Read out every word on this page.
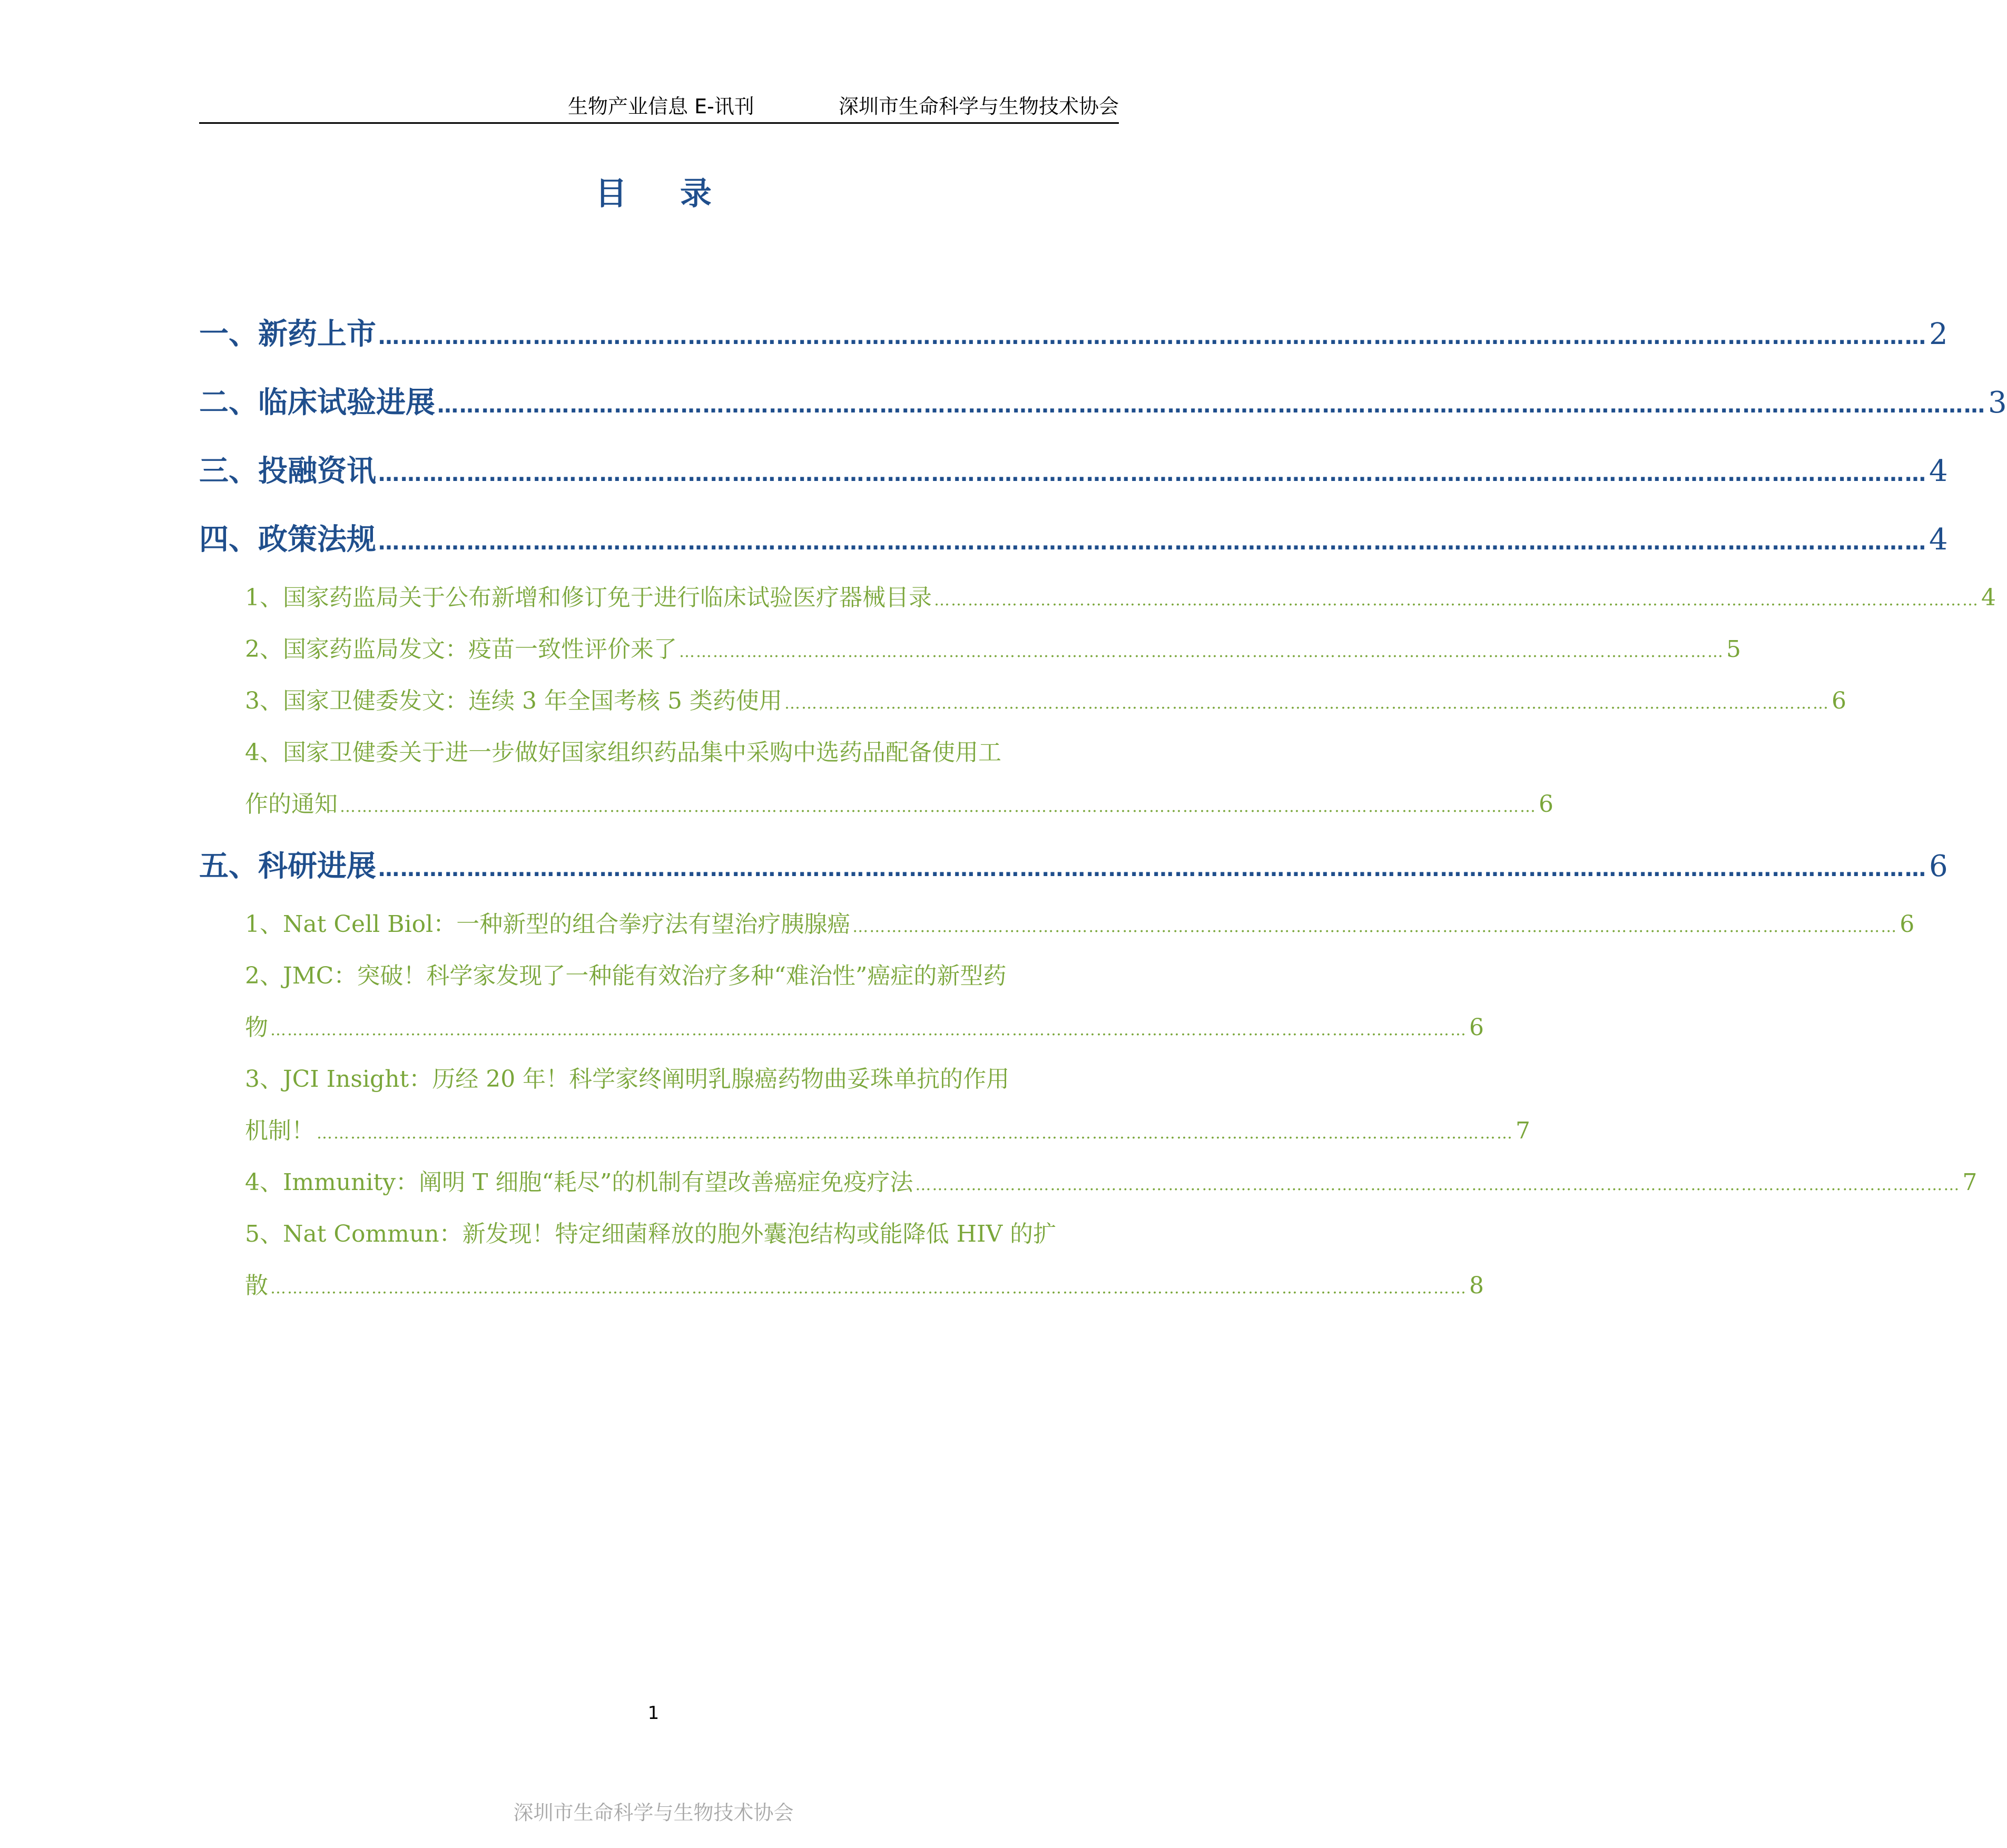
生物产业信息 E-讯刊	深圳市生命科学与生物技术协会
目 录
一、新药上市 ………………………………………………………………………………………………………………………………………………………………………………………… 2
二、临床试验进展 ………………………………………………………………………………………………………………………………………………………………………………………… 3
三、投融资讯 ………………………………………………………………………………………………………………………………………………………………………………………… 4
四、政策法规 ………………………………………………………………………………………………………………………………………………………………………………………… 4
1、国家药监局关于公布新增和修订免于进行临床试验医疗器械目录 …………………………………………………………………………………………………………………………………………………………………… 4
2、国家药监局发文：疫苗一致性评价来了 …………………………………………………………………………………………………………………………………………………………………… 5
3、国家卫健委发文：连续 3 年全国考核 5 类药使用 …………………………………………………………………………………………………………………………………………………………………… 6
4、国家卫健委关于进一步做好国家组织药品集中采购中选药品配备使用工
作的通知 …………………………………………………………………………………………………………………………………………………………………………………………… 6
五、科研进展 ………………………………………………………………………………………………………………………………………………………………………………………… 6
1、Nat Cell Biol：一种新型的组合拳疗法有望治疗胰腺癌 …………………………………………………………………………………………………………………………………………………………………… 6
2、JMC：突破！科学家发现了一种能有效治疗多种“难治性”癌症的新型药
物 …………………………………………………………………………………………………………………………………………………………………………………………… 6
3、JCI Insight：历经 20 年！科学家终阐明乳腺癌药物曲妥珠单抗的作用
机制！ …………………………………………………………………………………………………………………………………………………………………………………………… 7
4、Immunity：阐明 T 细胞“耗尽”的机制有望改善癌症免疫疗法 …………………………………………………………………………………………………………………………………………………………………… 7
5、Nat Commun：新发现！特定细菌释放的胞外囊泡结构或能降低 HIV 的扩
散 …………………………………………………………………………………………………………………………………………………………………………………………… 8
1
深圳市生命科学与生物技术协会
